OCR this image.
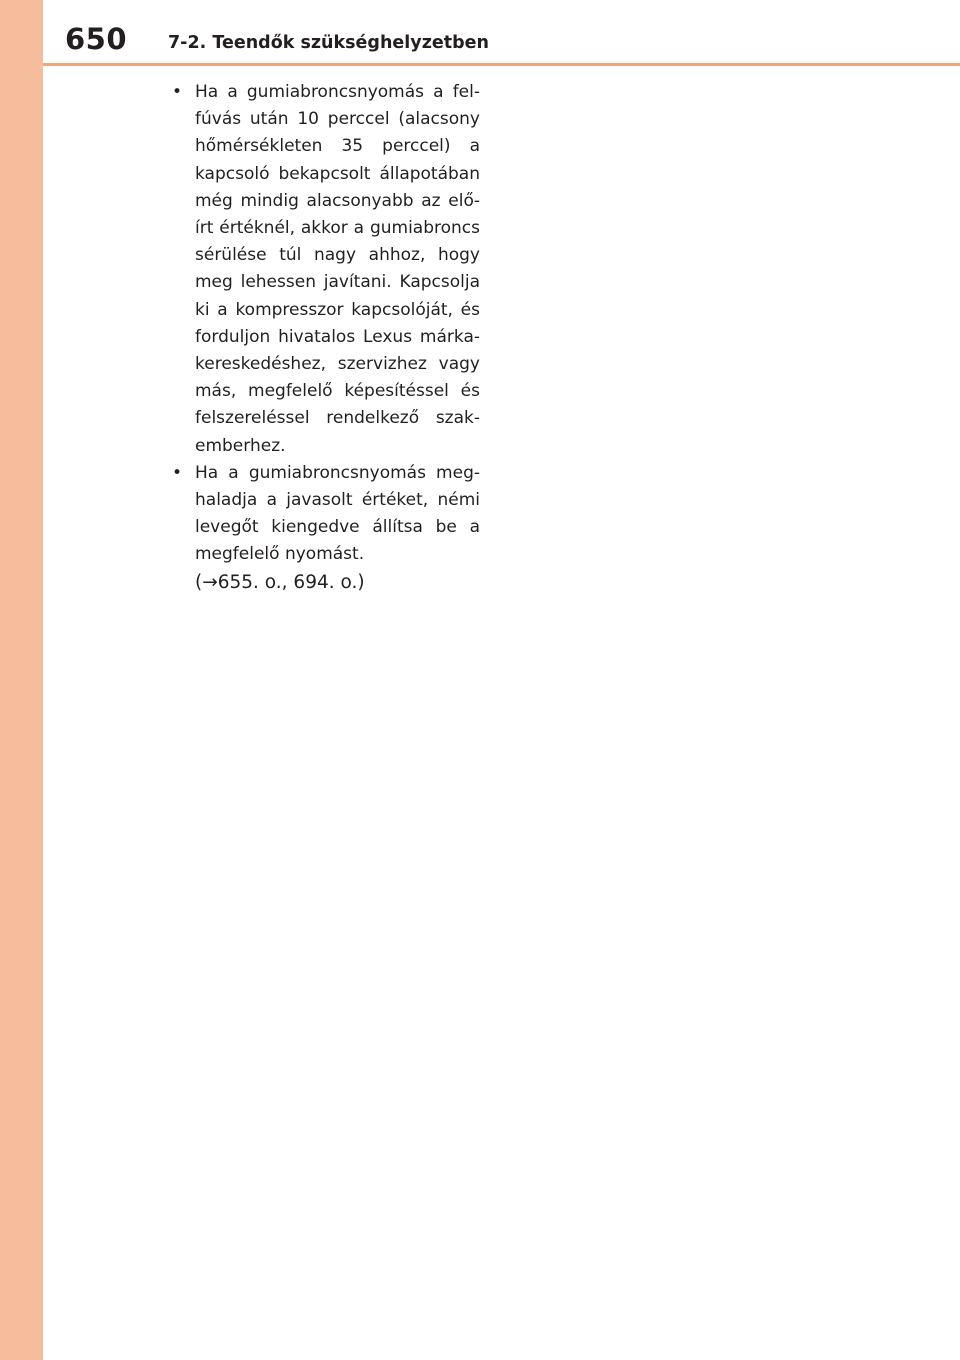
650 7-2. Teendők szükséghelyzetben
• Ha a gumiabroncsnyomás a fel-fúvás után 10 perccel (alacsony hőmérsékleten 35 perccel) a kapcsoló bekapcsolt állapotában még mindig alacsonyabb az elő-írt értéknél, akkor a gumiabroncs sérülése túl nagy ahhoz, hogy meg lehessen javítani. Kapcsolja ki a kompresszor kapcsolóját, és forduljon hivatalos Lexus márka-kereskedéshez, szervizhez vagy más, megfelelő képesítéssel és felszereléssel rendelkező szak-emberhez.
• Ha a gumiabroncsnyomás meg-haladja a javasolt értéket, némi levegőt kiengedve állítsa be a megfelelő nyomást.
(→655. o., 694. o.)
